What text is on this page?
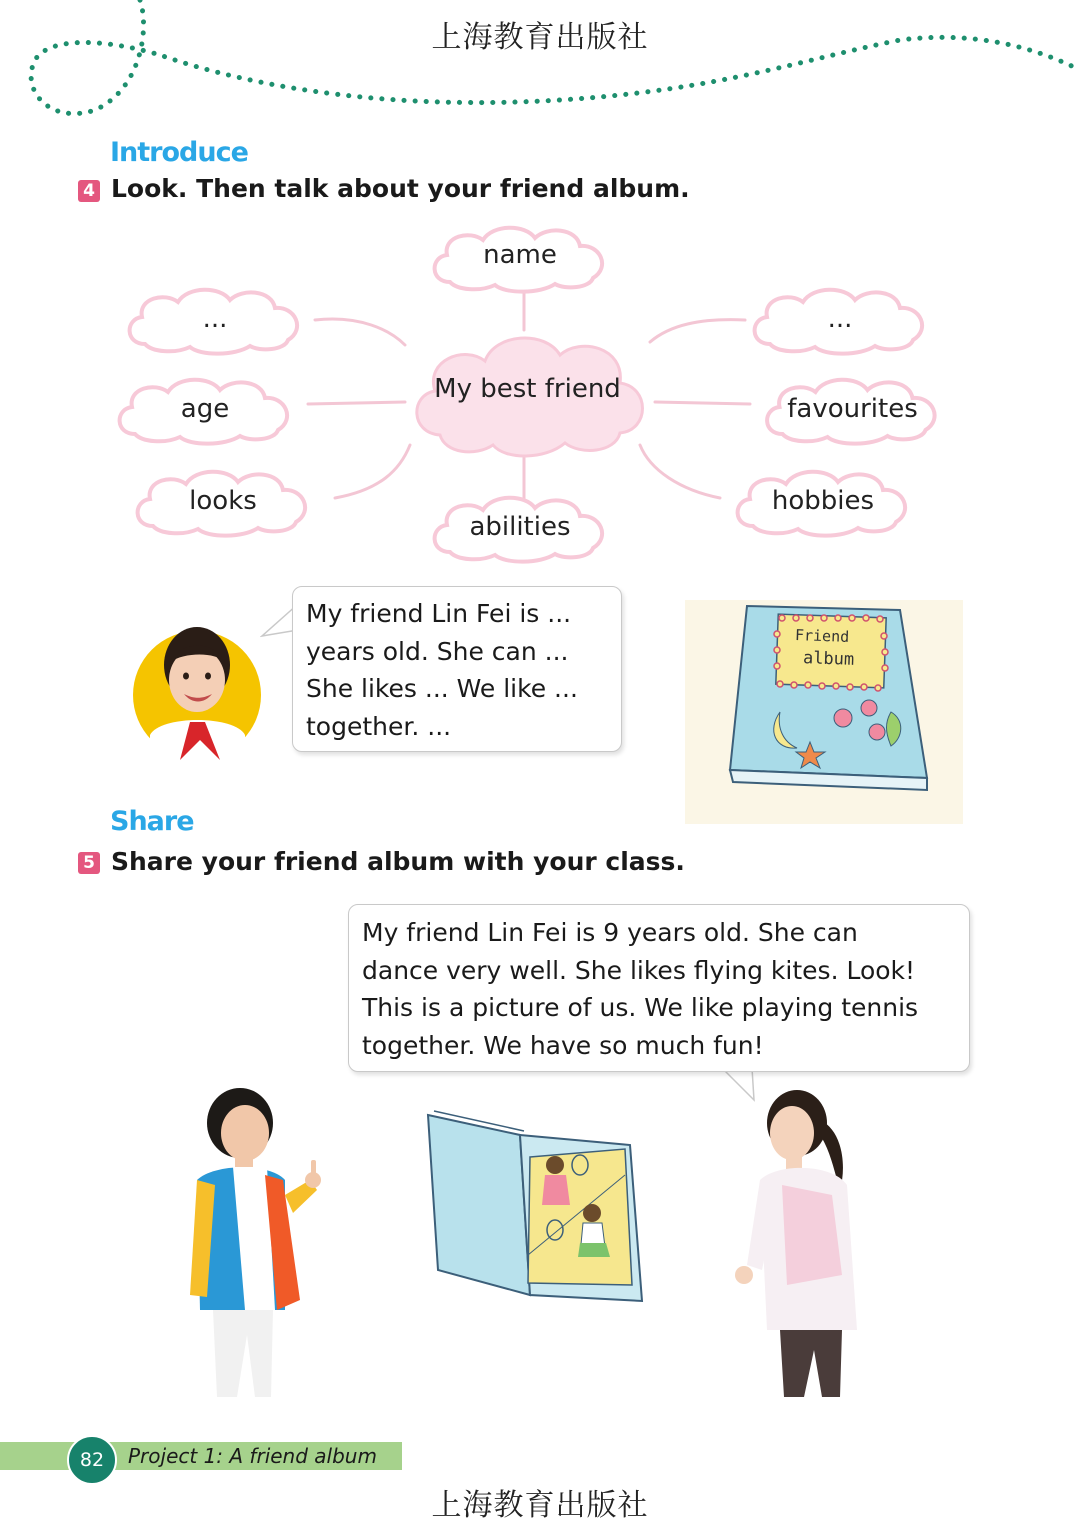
上海教育出版社
Introduce
4 Look. Then talk about your friend album.
name
...	...
My best friend
age	favourites
looks	hobbies
abilities
My friend Lin Fei is ...
years old. She can ...
She likes ... We like ...
together. ...
Friend
album
Share
5 Share your friend album with your class.
My friend Lin Fei is 9 years old. She can
dance very well. She likes flying kites. Look!
This is a picture of us. We like playing tennis
together. We have so much fun!
82	Project 1: A friend album
上海教育出版社
